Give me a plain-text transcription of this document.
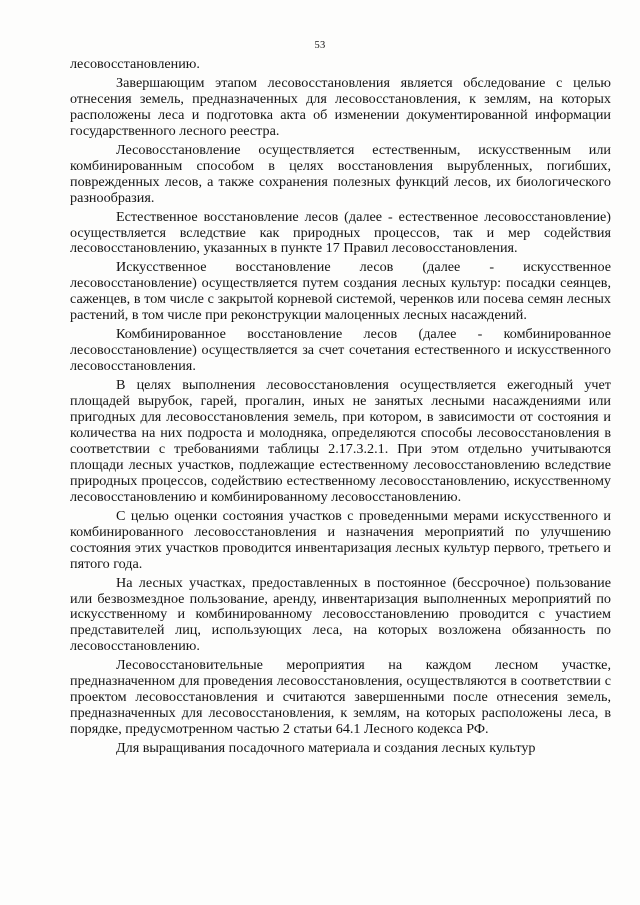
53

лесовосстановлению.

Завершающим этапом лесовосстановления является обследование с целью отнесения земель, предназначенных для лесовосстановления, к землям, на которых расположены леса и подготовка акта об изменении документированной информации государственного лесного реестра.

Лесовосстановление осуществляется естественным, искусственным или комбинированным способом в целях восстановления вырубленных, погибших, поврежденных лесов, а также сохранения полезных функций лесов, их биологического разнообразия.

Естественное восстановление лесов (далее - естественное лесовосстановление) осуществляется вследствие как природных процессов, так и мер содействия лесовосстановлению, указанных в пункте 17 Правил лесовосстановления.

Искусственное восстановление лесов (далее - искусственное лесовосстановление) осуществляется путем создания лесных культур: посадки сеянцев, саженцев, в том числе с закрытой корневой системой, черенков или посева семян лесных растений, в том числе при реконструкции малоценных лесных насаждений.

Комбинированное восстановление лесов (далее - комбинированное лесовосстановление) осуществляется за счет сочетания естественного и искусственного лесовосстановления.

В целях выполнения лесовосстановления осуществляется ежегодный учет площадей вырубок, гарей, прогалин, иных не занятых лесными насаждениями или пригодных для лесовосстановления земель, при котором, в зависимости от состояния и количества на них подроста и молодняка, определяются способы лесовосстановления в соответствии с требованиями таблицы 2.17.3.2.1. При этом отдельно учитываются площади лесных участков, подлежащие естественному лесовосстановлению вследствие природных процессов, содействию естественному лесовосстановлению, искусственному лесовосстановлению и комбинированному лесовосстановлению.

С целью оценки состояния участков с проведенными мерами искусственного и комбинированного лесовосстановления и назначения мероприятий по улучшению состояния этих участков проводится инвентаризация лесных культур первого, третьего и пятого года.

На лесных участках, предоставленных в постоянное (бессрочное) пользование или безвозмездное пользование, аренду, инвентаризация выполненных мероприятий по искусственному и комбинированному лесовосстановлению проводится с участием представителей лиц, использующих леса, на которых возложена обязанность по лесовосстановлению.

Лесовосстановительные мероприятия на каждом лесном участке, предназначенном для проведения лесовосстановления, осуществляются в соответствии с проектом лесовосстановления и считаются завершенными после отнесения земель, предназначенных для лесовосстановления, к землям, на которых расположены леса, в порядке, предусмотренном частью 2 статьи 64.1 Лесного кодекса РФ.

Для выращивания посадочного материала и создания лесных культур
